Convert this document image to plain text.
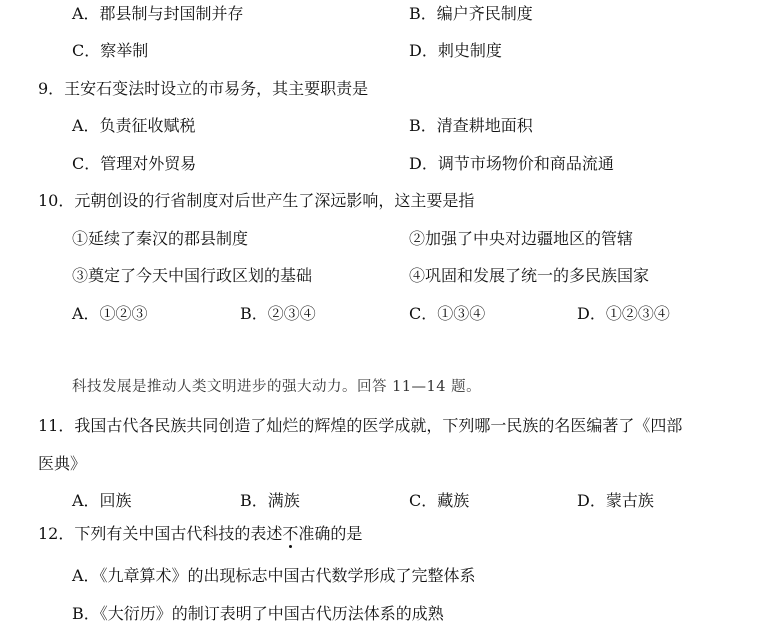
A．郡县制与封国制并存	B．编户齐民制度
C．察举制	D．刺史制度
9．王安石变法时设立的市易务，其主要职责是
A．负责征收赋税	B．清查耕地面积
C．管理对外贸易	D．调节市场物价和商品流通
10．元朝创设的行省制度对后世产生了深远影响，这主要是指
①延续了秦汉的郡县制度	②加强了中央对边疆地区的管辖
③奠定了今天中国行政区划的基础	④巩固和发展了统一的多民族国家
A．①②③	B．②③④	C．①③④	D．①②③④
科技发展是推动人类文明进步的强大动力。回答 11—14 题。
11．我国古代各民族共同创造了灿烂的辉煌的医学成就，下列哪一民族的名医编著了《四部
医典》
A．回族	B．满族	C．藏族	D．蒙古族
12．下列有关中国古代科技的表述不准确的是
A．《九章算术》的出现标志中国古代数学形成了完整体系
B．《大衍历》的制订表明了中国古代历法体系的成熟
